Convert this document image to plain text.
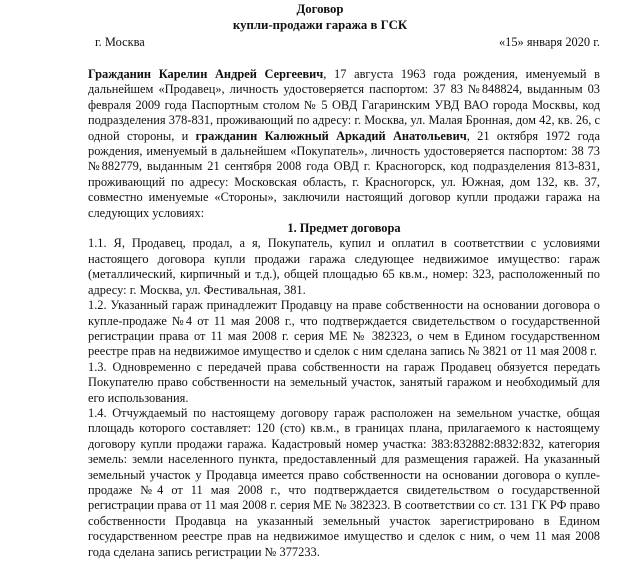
Договор
купли-продажи гаража в ГСК
г. Москва	«15» января 2020 г.

Гражданин Карелин Андрей Сергеевич, 17 августа 1963 года рождения, именуемый в дальнейшем «Продавец», личность удостоверяется паспортом: 37 83 №848824, выданным 03 февраля 2009 года Паспортным столом № 5 ОВД Гагаринским УВД ВАО города Москвы, код подразделения 378-831, проживающий по адресу: г. Москва, ул. Малая Бронная, дом 42, кв. 26, с одной стороны, и гражданин Калюжный Аркадий Анатольевич, 21 октября 1972 года рождения, именуемый в дальнейшем «Покупатель», личность удостоверяется паспортом: 38 73 №882779, выданным 21 сентября 2008 года ОВД г. Красногорск, код подразделения 813-831, проживающий по адресу: Московская область, г. Красногорск, ул. Южная, дом 132, кв. 37, совместно именуемые «Стороны», заключили настоящий договор купли продажи гаража на следующих условиях:

1. Предмет договора

1.1. Я, Продавец, продал, а я, Покупатель, купил и оплатил в соответствии с условиями настоящего договора купли продажи гаража следующее недвижимое имущество: гараж (металлический, кирпичный и т.д.), общей площадью 65 кв.м., номер: 323, расположенный по адресу: г. Москва, ул. Фестивальная, 381.

1.2. Указанный гараж принадлежит Продавцу на праве собственности на основании договора о купле-продаже №4 от 11 мая 2008 г., что подтверждается свидетельством о государственной регистрации права от 11 мая 2008 г. серия МЕ № 382323, о чем в Едином государственном реестре прав на недвижимое имущество и сделок с ним сделана запись № 3821 от 11 мая 2008 г.

1.3. Одновременно с передачей права собственности на гараж Продавец обязуется передать Покупателю право собственности на земельный участок, занятый гаражом и необходимый для его использования.

1.4. Отчуждаемый по настоящему договору гараж расположен на земельном участке, общая площадь которого составляет: 120 (сто) кв.м., в границах плана, прилагаемого к настоящему договору купли продажи гаража. Кадастровый номер участка: 383:832882:8832:832, категория земель: земли населенного пункта, предоставленный для размещения гаражей. На указанный земельный участок у Продавца имеется право собственности на основании договора о купле-продаже №4 от 11 мая 2008 г., что подтверждается свидетельством о государственной регистрации права от 11 мая 2008 г. серия МЕ № 382323. В соответствии со ст. 131 ГК РФ право собственности Продавца на указанный земельный участок зарегистрировано в Едином государственном реестре прав на недвижимое имущество и сделок с ним, о чем 11 мая 2008 года сделана запись регистрации № 377233.
